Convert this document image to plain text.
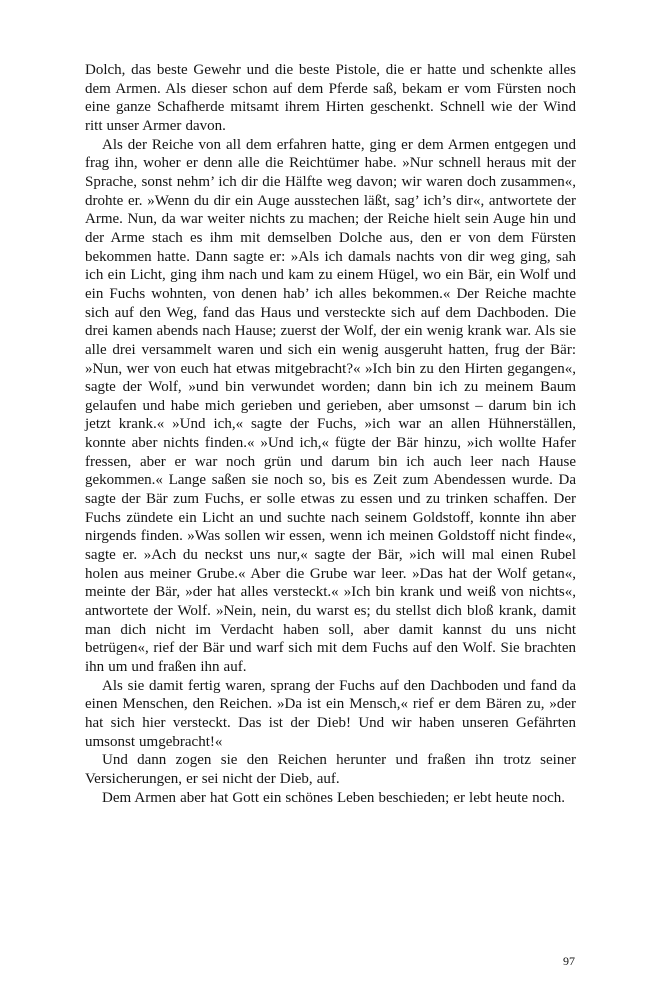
Dolch, das beste Gewehr und die beste Pistole, die er hatte und schenkte alles dem Armen. Als dieser schon auf dem Pferde saß, bekam er vom Fürsten noch eine ganze Schafherde mitsamt ihrem Hirten geschenkt. Schnell wie der Wind ritt unser Armer davon.

Als der Reiche von all dem erfahren hatte, ging er dem Armen entgegen und frag ihn, woher er denn alle die Reichtümer habe. »Nur schnell heraus mit der Sprache, sonst nehm’ ich dir die Hälfte weg davon; wir waren doch zusammen«, drohte er. »Wenn du dir ein Auge ausstechen läßt, sag’ ich’s dir«, antwortete der Arme. Nun, da war weiter nichts zu machen; der Reiche hielt sein Auge hin und der Arme stach es ihm mit demselben Dolche aus, den er von dem Fürsten bekommen hatte. Dann sagte er: »Als ich damals nachts von dir weg ging, sah ich ein Licht, ging ihm nach und kam zu einem Hügel, wo ein Bär, ein Wolf und ein Fuchs wohnten, von denen hab’ ich alles bekommen.« Der Reiche machte sich auf den Weg, fand das Haus und versteckte sich auf dem Dachboden. Die drei kamen abends nach Hause; zuerst der Wolf, der ein wenig krank war. Als sie alle drei versammelt waren und sich ein wenig ausgeruht hatten, frug der Bär: »Nun, wer von euch hat etwas mitgebracht?« »Ich bin zu den Hirten gegangen«, sagte der Wolf, »und bin verwundet worden; dann bin ich zu meinem Baum gelaufen und habe mich gerieben und gerieben, aber umsonst – darum bin ich jetzt krank.« »Und ich,« sagte der Fuchs, »ich war an allen Hühnerställen, konnte aber nichts finden.« »Und ich,« fügte der Bär hinzu, »ich wollte Hafer fressen, aber er war noch grün und darum bin ich auch leer nach Hause gekommen.« Lange saßen sie noch so, bis es Zeit zum Abendessen wurde. Da sagte der Bär zum Fuchs, er solle etwas zu essen und zu trinken schaffen. Der Fuchs zündete ein Licht an und suchte nach seinem Goldstoff, konnte ihn aber nirgends finden. »Was sollen wir essen, wenn ich meinen Goldstoff nicht finde«, sagte er. »Ach du neckst uns nur,« sagte der Bär, »ich will mal einen Rubel holen aus meiner Grube.« Aber die Grube war leer. »Das hat der Wolf getan«, meinte der Bär, »der hat alles versteckt.« »Ich bin krank und weiß von nichts«, antwortete der Wolf. »Nein, nein, du warst es; du stellst dich bloß krank, damit man dich nicht im Verdacht haben soll, aber damit kannst du uns nicht betrügen«, rief der Bär und warf sich mit dem Fuchs auf den Wolf. Sie brachten ihn um und fraßen ihn auf.

Als sie damit fertig waren, sprang der Fuchs auf den Dachboden und fand da einen Menschen, den Reichen. »Da ist ein Mensch,« rief er dem Bären zu, »der hat sich hier versteckt. Das ist der Dieb! Und wir haben unseren Gefährten umsonst umgebracht!«

Und dann zogen sie den Reichen herunter und fraßen ihn trotz seiner Versicherungen, er sei nicht der Dieb, auf.

Dem Armen aber hat Gott ein schönes Leben beschieden; er lebt heute noch.

97
